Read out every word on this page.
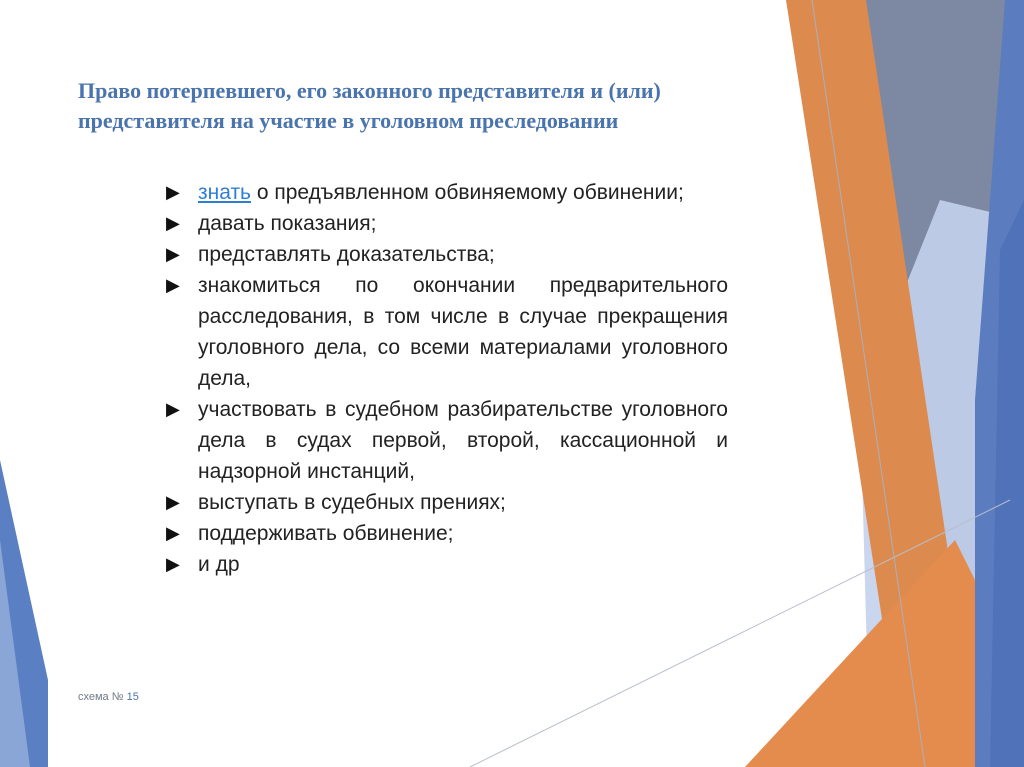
Право потерпевшего, его законного представителя и (или)
представителя на участие в уголовном преследовании
▶ знать о предъявленном обвиняемому обвинении;
▶ давать показания;
▶ представлять доказательства;
▶ знакомиться по окончании предварительного расследования, в том числе в случае прекращения уголовного дела, со всеми материалами уголовного дела,
▶ участвовать в судебном разбирательстве уголовного дела в судах первой, второй, кассационной и надзорной инстанций,
▶ выступать в судебных прениях;
▶ поддерживать обвинение;
▶ и др
схема № 15
